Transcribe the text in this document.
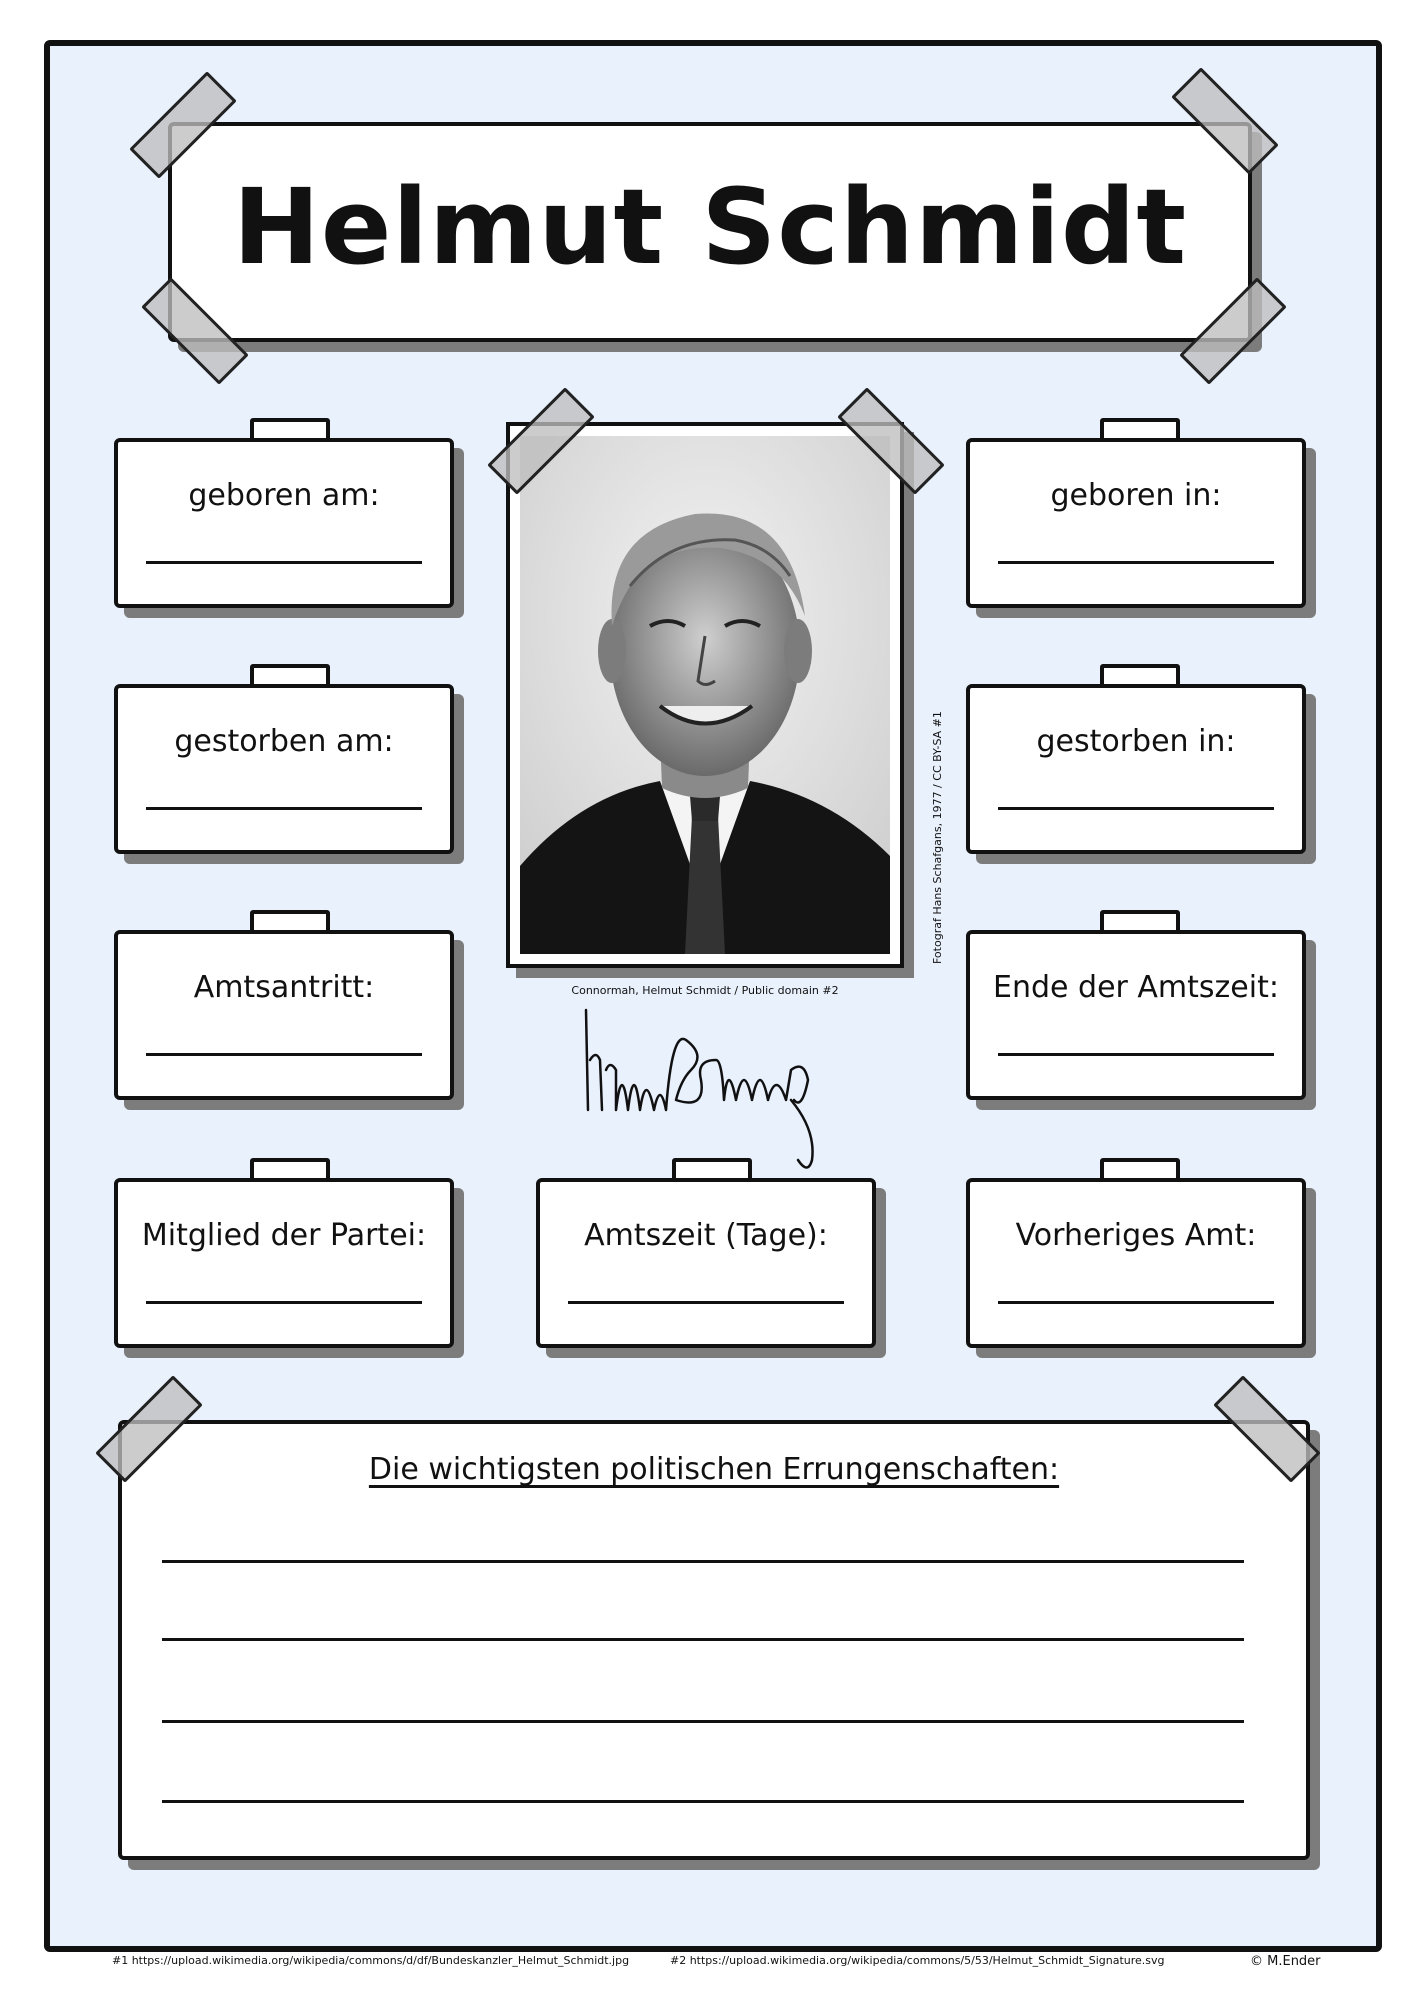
Helmut Schmidt
geboren am:
gestorben am:
Amtsantritt:
Mitglied der Partei:
geboren in:
gestorben in:
Ende der Amtszeit:
Vorheriges Amt:
Amtszeit (Tage):
Fotograf Hans Schafgans, 1977 / CC BY-SA #1
Connormah, Helmut Schmidt / Public domain #2
Die wichtigsten politischen Errungenschaften:
#1 https://upload.wikimedia.org/wikipedia/commons/d/df/Bundeskanzler_Helmut_Schmidt.jpg	#2 https://upload.wikimedia.org/wikipedia/commons/5/53/Helmut_Schmidt_Signature.svg	© M.Ender
